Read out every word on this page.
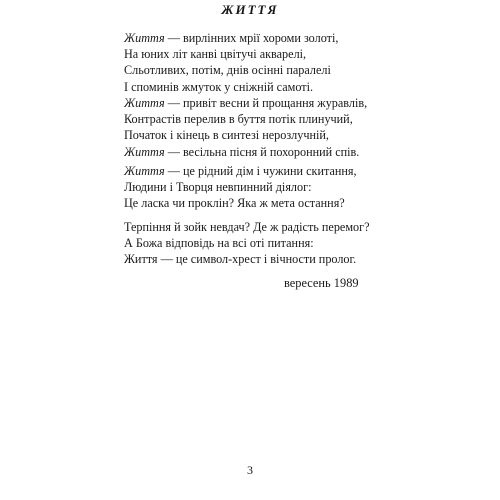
ЖИТТЯ
Життя — вирлінних мрії хороми золоті,
На юних літ канві цвітучі акварелі,
Сльотливих, потім, днів осінні паралелі
І споминів жмуток у сніжній самоті.
Життя — привіт весни й прощання журавлів,
Контрастів перелив в буття потік плинучий,
Початок і кінець в синтезі нерозлучній,
Життя — весільна пісня й похоронний спів.
Життя — це рідний дім і чужини скитання,
Людини і Творця невпинний діялог:
Це ласка чи проклін? Яка ж мета остання?
Терпіння й зойк невдач? Де ж радість перемог?
А Божа відповідь на всі оті питання:
Життя — це символ-хрест і вічности пролог.
вересень 1989
3
